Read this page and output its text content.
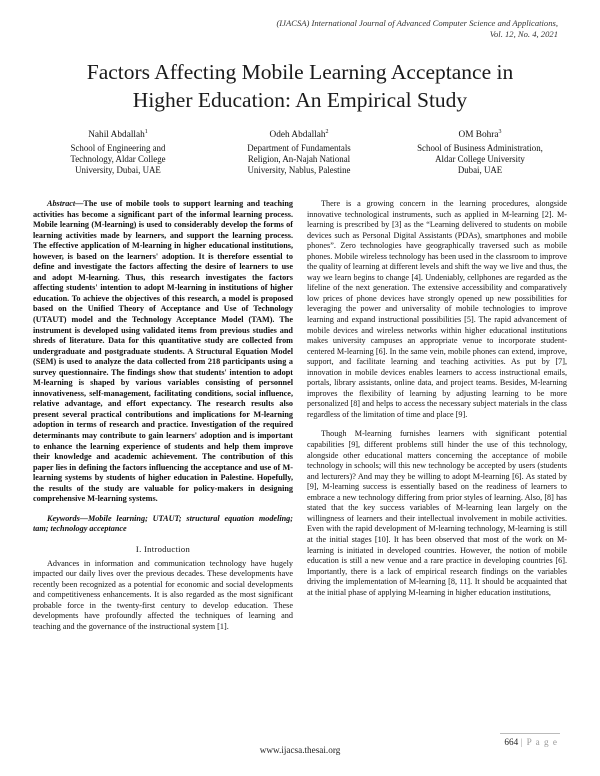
(IJACSA) International Journal of Advanced Computer Science and Applications,
Vol. 12, No. 4, 2021
Factors Affecting Mobile Learning Acceptance in
Higher Education: An Empirical Study
Nahil Abdallah$^1$
School of Engineering and
Technology, Aldar College
University, Dubai, UAE
Odeh Abdallah$^2$
Department of Fundamentals
Religion, An-Najah National
University, Nablus, Palestine
OM Bohra$^3$
School of Business Administration,
Aldar College University
Dubai, UAE

Abstract—The use of mobile tools to support learning and teaching activities has become a significant part of the informal learning process. Mobile learning (M-learning) is used to considerably develop the forms of learning activities made by learners, and support the learning process. The effective application of M-learning in higher educational institutions, however, is based on the learners' adoption. It is therefore essential to define and investigate the factors affecting the desire of learners to use and adopt M-learning. Thus, this research investigates the factors affecting students' intention to adopt M-learning in institutions of higher education. To achieve the objectives of this research, a model is proposed based on the Unified Theory of Acceptance and Use of Technology (UTAUT) model and the Technology Acceptance Model (TAM). The instrument is developed using validated items from previous studies and shreds of literature. Data for this quantitative study are collected from undergraduate and postgraduate students. A Structural Equation Model (SEM) is used to analyze the data collected from 218 participants using a survey questionnaire. The findings show that students' intention to adopt M-learning is shaped by various variables consisting of personnel innovativeness, self-management, facilitating conditions, social influence, relative advantage, and effort expectancy. The research results also present several practical contributions and implications for M-learning adoption in terms of research and practice. Investigation of the required determinants may contribute to gain learners' adoption and is important to enhance the learning experience of students and help them improve their knowledge and academic achievement. The contribution of this paper lies in defining the factors influencing the acceptance and use of M-learning systems by students of higher education in Palestine. Hopefully, the results of the study are valuable for policy-makers in designing comprehensive M-learning systems.

Keywords—Mobile learning; UTAUT; structural equation modeling; tam; technology acceptance

I. Introduction

Advances in information and communication technology have hugely impacted our daily lives over the previous decades. These developments have recently been recognized as a potential for economic and social developments and competitiveness enhancements. It is also regarded as the most significant probable force in the twenty-first century to develop education. These developments have profoundly affected the techniques of learning and teaching and the governance of the instructional system [1].

There is a growing concern in the learning procedures, alongside innovative technological instruments, such as applied in M-learning [2]. M-learning is prescribed by [3] as the “Learning delivered to students on mobile devices such as Personal Digital Assistants (PDAs), smartphones and mobile phones”. Zero technologies have geographically traversed such as mobile phones. Mobile wireless technology has been used in the classroom to improve the quality of learning at different levels and shift the way we live and thus, the way we learn begins to change [4]. Undeniably, cellphones are regarded as the lifeline of the next generation. The extensive accessibility and comparatively low prices of phone devices have strongly opened up new possibilities for leveraging the power and universality of mobile technologies to improve learning and expand instructional possibilities [5]. The rapid advancement of mobile devices and wireless networks within higher educational institutions makes university campuses an appropriate venue to incorporate student-centered M-learning [6]. In the same vein, mobile phones can extend, improve, support, and facilitate learning and teaching activities. As put by [7], innovation in mobile devices enables learners to access instructional emails, portals, library assistants, online data, and project teams. Besides, M-learning improves the flexibility of learning by adjusting learning to be more personalized [8] and helps to access the necessary subject materials in the class regardless of the limitation of time and place [9].

Though M-learning furnishes learners with significant potential capabilities [9], different problems still hinder the use of this technology, alongside other educational matters concerning the acceptance of mobile technology in schools; will this new technology be accepted by users (students and lecturers)? And may they be willing to adopt M-learning [6]. As stated by [9], M-learning success is essentially based on the readiness of learners to embrace a new technology differing from prior styles of learning. Also, [8] has stated that the key success variables of M-learning lean largely on the willingness of learners and their intellectual involvement in mobile activities. Even with the rapid development of M-learning technology, M-learning is still at the initial stages [10]. It has been observed that most of the work on M-learning is initiated in developed countries. However, the notion of mobile education is still a new venue and a rare practice in developing countries [6]. Importantly, there is a lack of empirical research findings on the variables driving the implementation of M-learning [8, 11]. It should be acquainted that at the initial phase of applying M-learning in higher education institutions,

664 | P a g e
www.ijacsa.thesai.org
